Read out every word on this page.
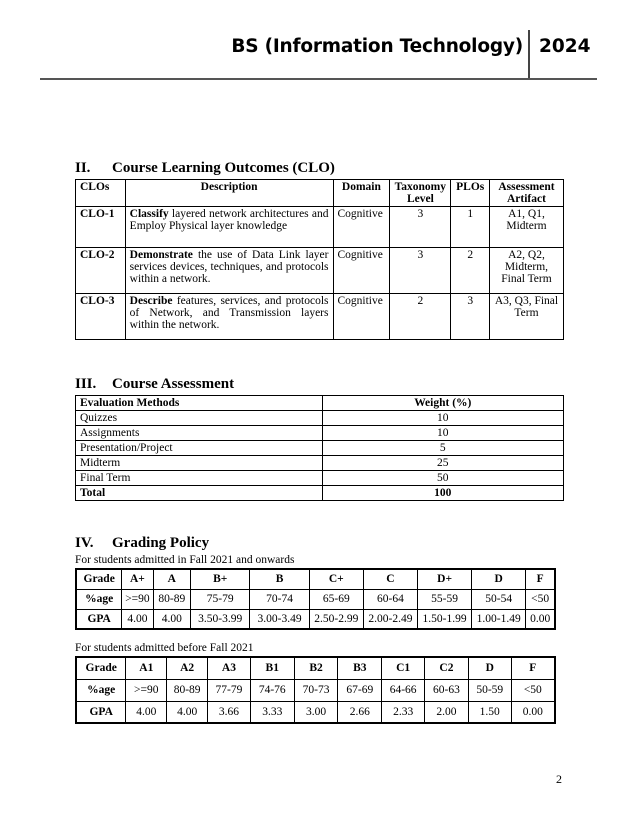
BS (Information Technology) 2024
II. Course Learning Outcomes (CLO)
CLOs	Description	Domain	Taxonomy Level	PLOs	Assessment Artifact
CLO-1	Classify layered network architectures and Employ Physical layer knowledge	Cognitive	3	1	A1, Q1, Midterm
CLO-2	Demonstrate the use of Data Link layer services devices, techniques, and protocols within a network.	Cognitive	3	2	A2, Q2, Midterm, Final Term
CLO-3	Describe features, services, and protocols of Network, and Transmission layers within the network.	Cognitive	2	3	A3, Q3, Final Term
III. Course Assessment
Evaluation Methods	Weight (%)
Quizzes	10
Assignments	10
Presentation/Project	5
Midterm	25
Final Term	50
Total	100
IV. Grading Policy
For students admitted in Fall 2021 and onwards
Grade	A+	A	B+	B	C+	C	D+	D	F
%age	>=90	80-89	75-79	70-74	65-69	60-64	55-59	50-54	<50
GPA	4.00	4.00	3.50-3.99	3.00-3.49	2.50-2.99	2.00-2.49	1.50-1.99	1.00-1.49	0.00
For students admitted before Fall 2021
Grade	A1	A2	A3	B1	B2	B3	C1	C2	D	F
%age	>=90	80-89	77-79	74-76	70-73	67-69	64-66	60-63	50-59	<50
GPA	4.00	4.00	3.66	3.33	3.00	2.66	2.33	2.00	1.50	0.00
2
